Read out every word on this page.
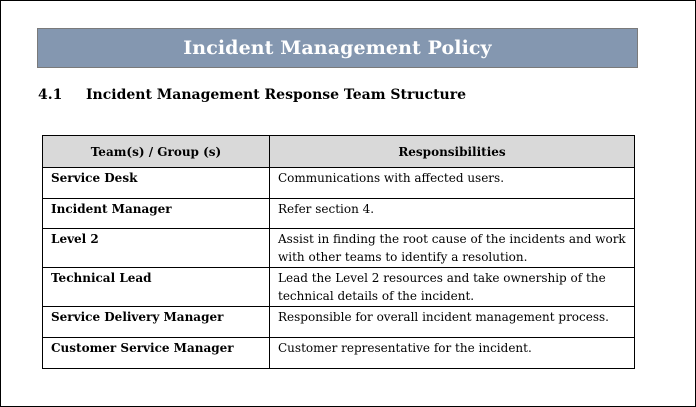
Incident Management Policy
4.1	Incident Management Response Team Structure
Team(s) / Group (s)	Responsibilities
Service Desk	Communications with affected users.
Incident Manager	Refer section 4.
Level 2	Assist in finding the root cause of the incidents and work with other teams to identify a resolution.
Technical Lead	Lead the Level 2 resources and take ownership of the technical details of the incident.
Service Delivery Manager	Responsible for overall incident management process.
Customer Service Manager	Customer representative for the incident.
